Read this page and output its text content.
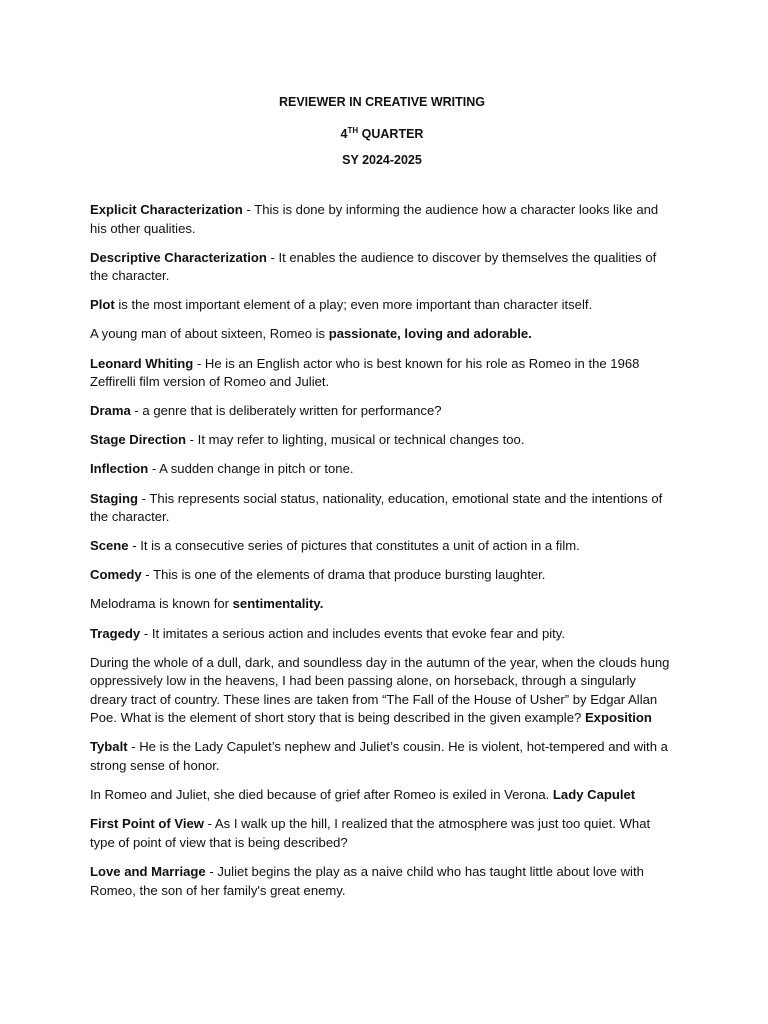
REVIEWER IN CREATIVE WRITING
4TH QUARTER
SY 2024-2025

Explicit Characterization - This is done by informing the audience how a character looks like and his other qualities.

Descriptive Characterization - It enables the audience to discover by themselves the qualities of the character.

Plot is the most important element of a play; even more important than character itself.

A young man of about sixteen, Romeo is passionate, loving and adorable.

Leonard Whiting - He is an English actor who is best known for his role as Romeo in the 1968 Zeffirelli film version of Romeo and Juliet.

Drama - a genre that is deliberately written for performance?

Stage Direction - It may refer to lighting, musical or technical changes too.

Inflection - A sudden change in pitch or tone.

Staging - This represents social status, nationality, education, emotional state and the intentions of the character.

Scene - It is a consecutive series of pictures that constitutes a unit of action in a film.

Comedy - This is one of the elements of drama that produce bursting laughter.

Melodrama is known for sentimentality.

Tragedy - It imitates a serious action and includes events that evoke fear and pity.

During the whole of a dull, dark, and soundless day in the autumn of the year, when the clouds hung oppressively low in the heavens, I had been passing alone, on horseback, through a singularly dreary tract of country. These lines are taken from “The Fall of the House of Usher” by Edgar Allan Poe. What is the element of short story that is being described in the given example? Exposition

Tybalt - He is the Lady Capulet’s nephew and Juliet’s cousin. He is violent, hot-tempered and with a strong sense of honor.

In Romeo and Juliet, she died because of grief after Romeo is exiled in Verona. Lady Capulet

First Point of View - As I walk up the hill, I realized that the atmosphere was just too quiet. What type of point of view that is being described?

Love and Marriage - Juliet begins the play as a naive child who has taught little about love with Romeo, the son of her family's great enemy.
